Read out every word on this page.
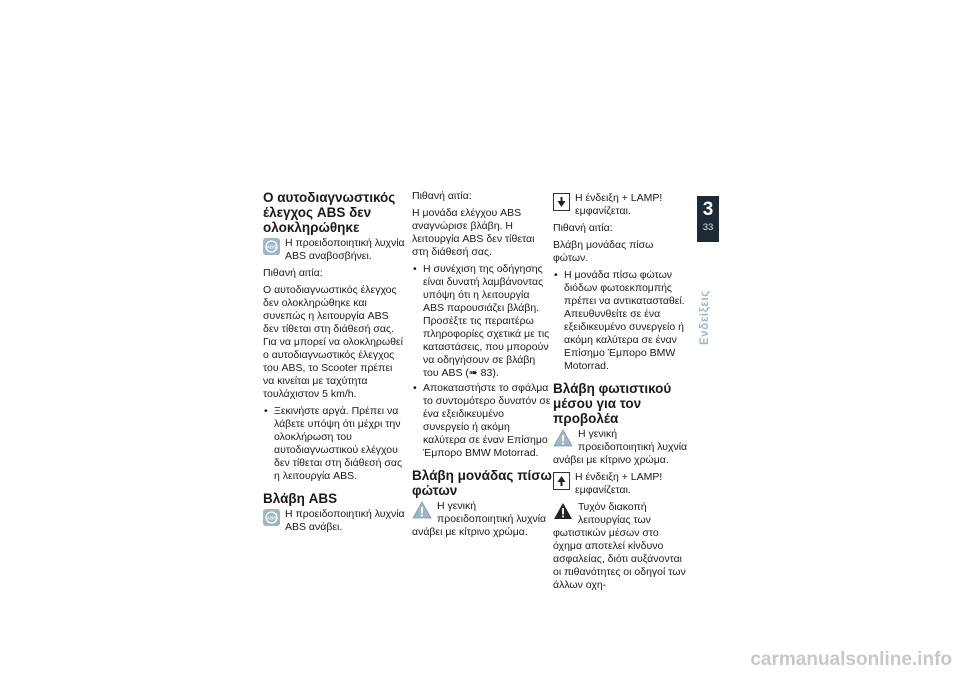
Ο αυτοδιαγνωστικός έλεγχος ABS δεν ολοκληρώθηκε
ABS Η προειδοποιητική λυχνία ABS αναβοσβήνει.
Πιθανή αιτία:
Ο αυτοδιαγνωστικός έλεγχος δεν ολοκληρώθηκε και συνεπώς η λειτουργία ABS δεν τίθεται στη διάθεσή σας. Για να μπορεί να ολοκληρωθεί ο αυτοδιαγνωστικός έλεγχος του ABS, το Scooter πρέπει να κινείται με ταχύτητα τουλάχιστον 5 km/h.
• Ξεκινήστε αργά. Πρέπει να λάβετε υπόψη ότι μέχρι την ολοκλήρωση του αυτοδιαγνωστικού ελέγχου δεν τίθεται στη διάθεσή σας η λειτουργία ABS.
Βλάβη ABS
ABS Η προειδοποιητική λυχνία ABS ανάβει.
Πιθανή αιτία:
Η μονάδα ελέγχου ABS αναγνώρισε βλάβη. Η λειτουργία ABS δεν τίθεται στη διάθεσή σας.
• Η συνέχιση της οδήγησης είναι δυνατή λαμβάνοντας υπόψη ότι η λειτουργία ABS παρουσιάζει βλάβη. Προσέξτε τις περαιτέρω πληροφορίες σχετικά με τις καταστάσεις, που μπορούν να οδηγήσουν σε βλάβη του ABS (➠ 83).
• Αποκαταστήστε το σφάλμα το συντομότερο δυνατόν σε ένα εξειδικευμένο συνεργείο ή ακόμη καλύτερα σε έναν Επίσημο Έμπορο BMW Motorrad.
Βλάβη μονάδας πίσω φώτων
Η γενική προειδοποιητική λυχνία ανάβει με κίτρινο χρώμα.
Η ένδειξη + LAMP! εμφανίζεται.
Πιθανή αιτία:
Βλάβη μονάδας πίσω φώτων.
• Η μονάδα πίσω φώτων διόδων φωτοεκπομπής πρέπει να αντικατασταθεί. Απευθυνθείτε σε ένα εξειδικευμένο συνεργείο ή ακόμη καλύτερα σε έναν Επίσημο Έμπορο BMW Motorrad.
Βλάβη φωτιστικού μέσου για τον προβολέα
Η γενική προειδοποιητική λυχνία ανάβει με κίτρινο χρώμα.
Η ένδειξη + LAMP! εμφανίζεται.
Τυχόν διακοπή λειτουργίας των φωτιστικών μέσων στο όχημα αποτελεί κίνδυνο ασφαλείας, διότι αυξάνονται οι πιθανότητες οι οδηγοί των άλλων οχη-
3
33
Ενδείξεις
carmanualsonline.info
